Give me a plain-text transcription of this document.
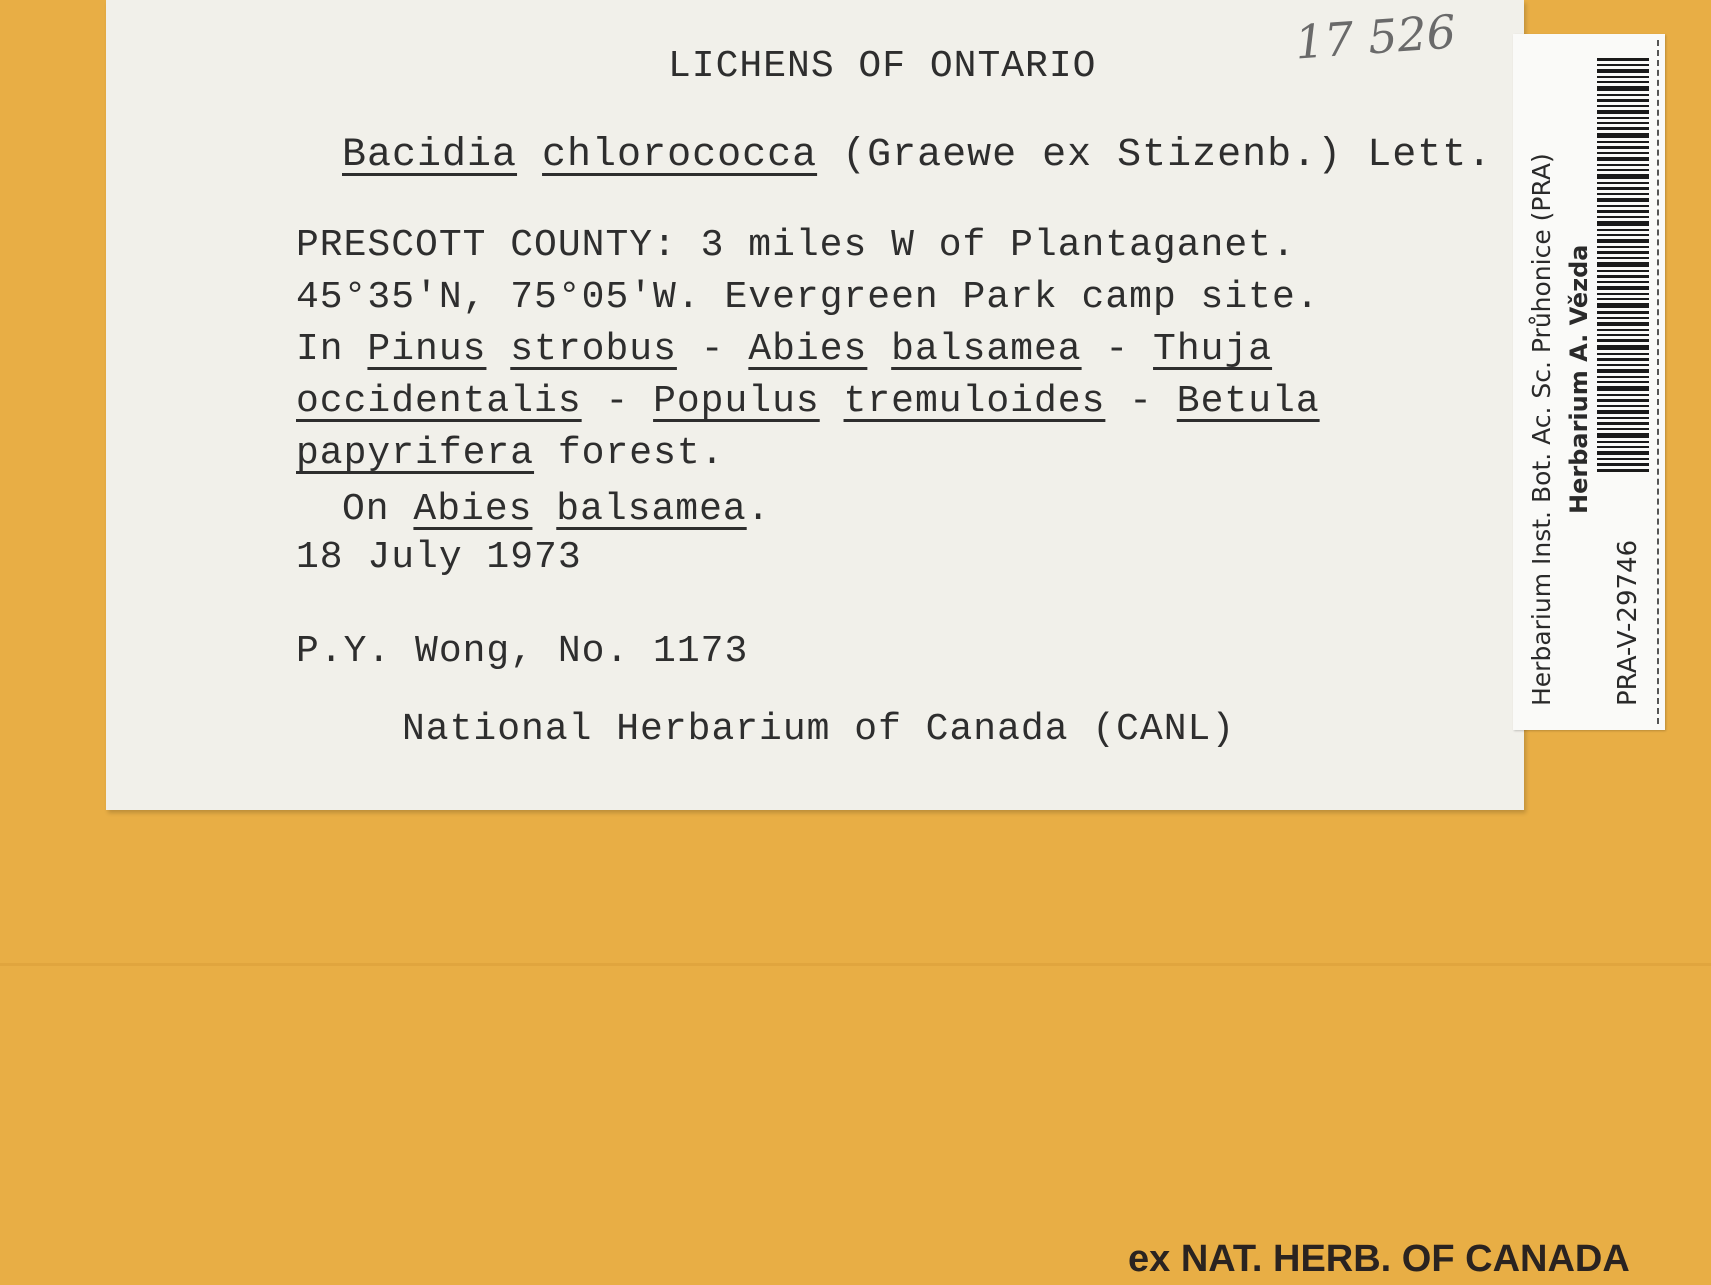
LICHENS OF ONTARIO
Bacidia chlorococca (Graewe ex Stizenb.) Lett.
PRESCOTT COUNTY: 3 miles W of Plantaganet.
45°35'N, 75°05'W. Evergreen Park camp site.
In Pinus strobus - Abies balsamea - Thuja
occidentalis - Populus tremuloides - Betula
papyrifera forest.
On Abies balsamea.
18 July 1973
P.Y. Wong, No. 1173
National Herbarium of Canada (CANL)
17 526
Herbarium Inst. Bot. Ac. Sc. Průhonice (PRA) Herbarium A. Vězda
PRA-V-29746
ex NAT. HERB. OF CANADA
